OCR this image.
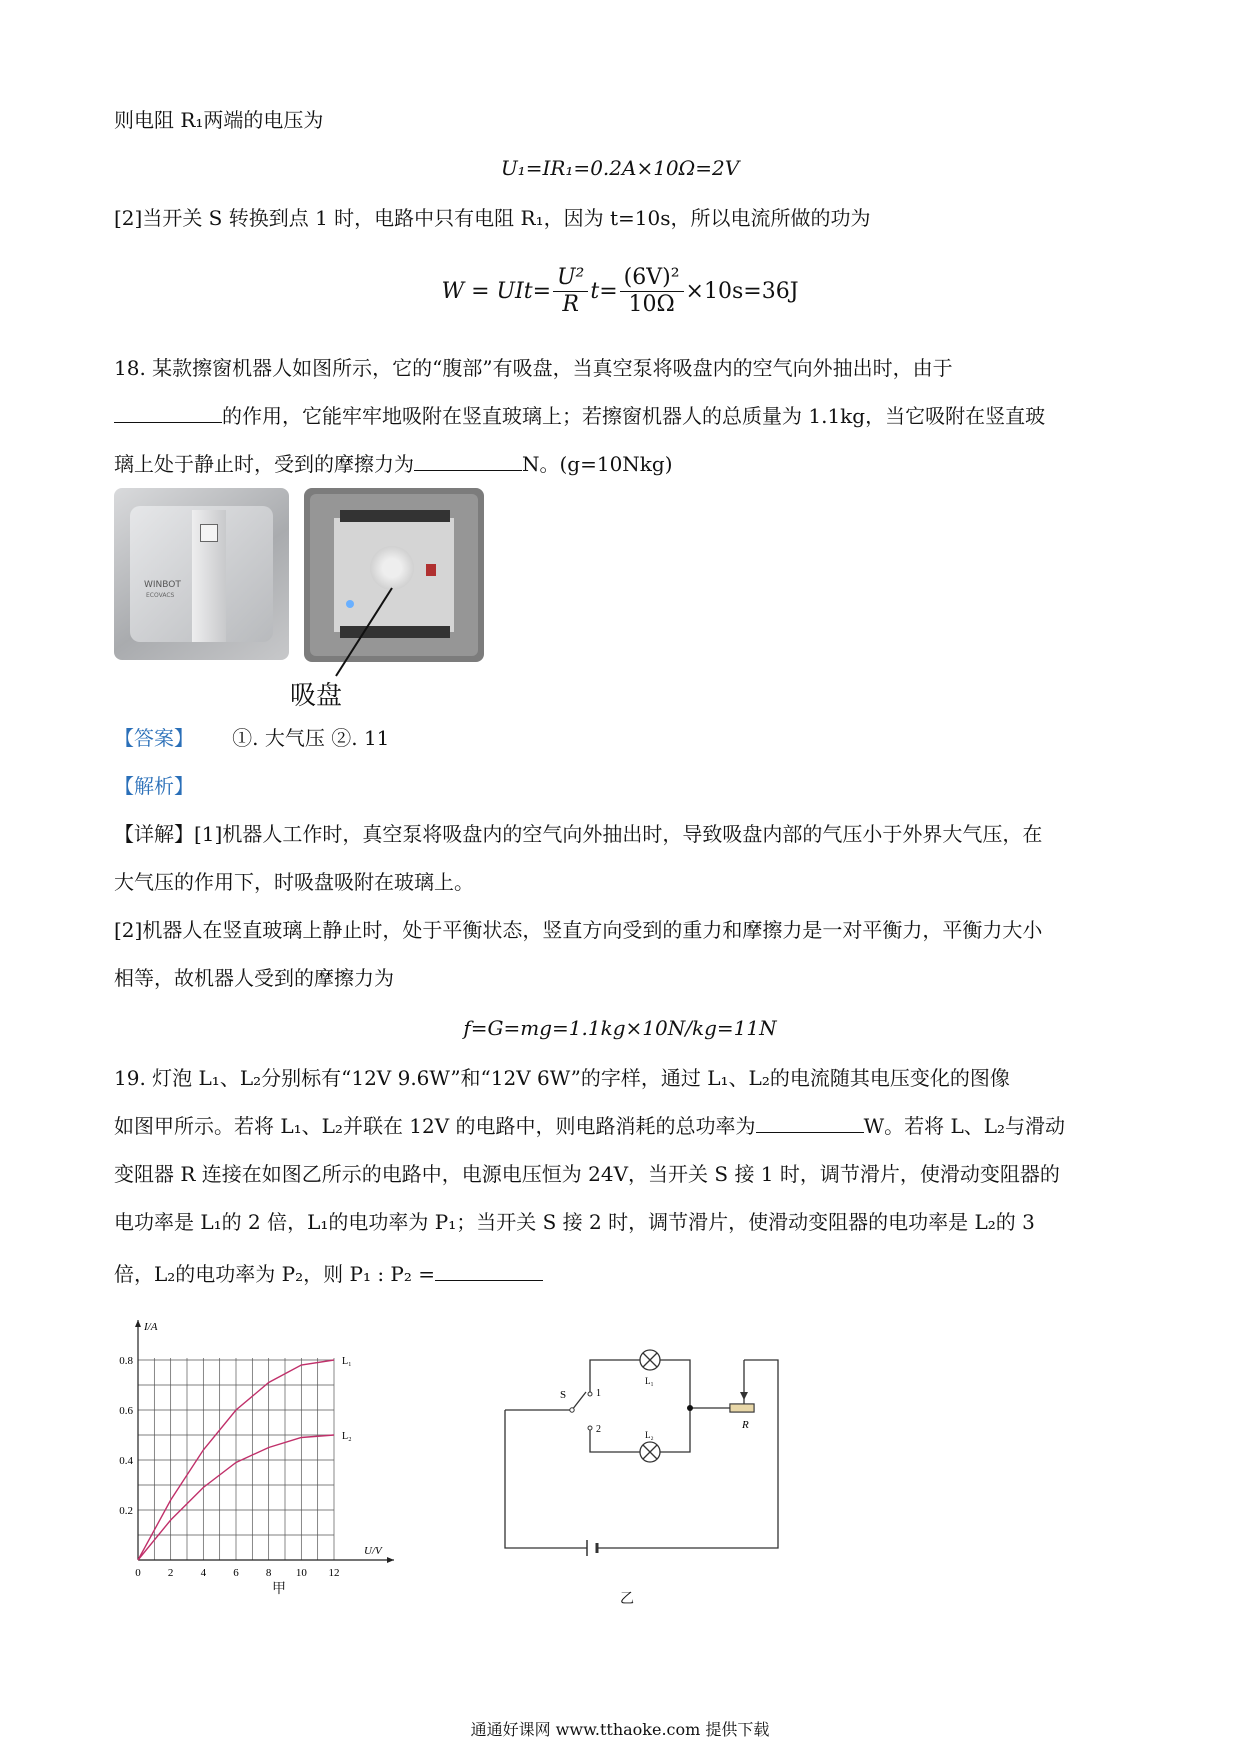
则电阻 R₁两端的电压为
U₁=IR₁=0.2A×10Ω=2V
[2]当开关 S 转换到点 1 时，电路中只有电阻 R₁，因为 t=10s，所以电流所做的功为
$W = UIt= \frac{\text{U²}}{R} t= \frac{\text{(6V)²}}{10\Omega} \times 10s=36J$
18. 某款擦窗机器人如图所示，它的“腹部”有吸盘，当真空泵将吸盘内的空气向外抽出时，由于
的作用，它能牢牢地吸附在竖直玻璃上；若擦窗机器人的总质量为 1.1kg，当它吸附在竖直玻
璃上处于静止时，受到的摩擦力为	N。(g=10Nkg)
WINBOT
ECOVACS
吸盘
【答案】 ①. 大气压 ②. 11
【解析】
【详解】[1]机器人工作时，真空泵将吸盘内的空气向外抽出时，导致吸盘内部的气压小于外界大气压，在
大气压的作用下，时吸盘吸附在玻璃上。
[2]机器人在竖直玻璃上静止时，处于平衡状态，竖直方向受到的重力和摩擦力是一对平衡力，平衡力大小
相等，故机器人受到的摩擦力为
f=G=mg=1.1kg×10N/kg=11N
19. 灯泡 L₁、L₂分别标有“12V 9.6W”和“12V 6W”的字样，通过 L₁、L₂的电流随其电压变化的图像
如图甲所示。若将 L₁、L₂并联在 12V 的电路中，则电路消耗的总功率为	W。若将 L、L₂与滑动
变阻器 R 连接在如图乙所示的电路中，电源电压恒为 24V，当开关 S 接 1 时，调节滑片，使滑动变阻器的
电功率是 L₁的 2 倍，L₁的电功率为 P₁；当开关 S 接 2 时，调节滑片，使滑动变阻器的电功率是 L₂的 3
倍，L₂的电功率为 P₂，则 P₁ : P₂ =
0 2 4 6 8 10 12
0.2
0.4
0.6
0.8
U/V
I/A
L₁
L₂
甲
S	1
2
L₁
L₂
R
乙
通通好课网 www.tthaoke.com 提供下载
